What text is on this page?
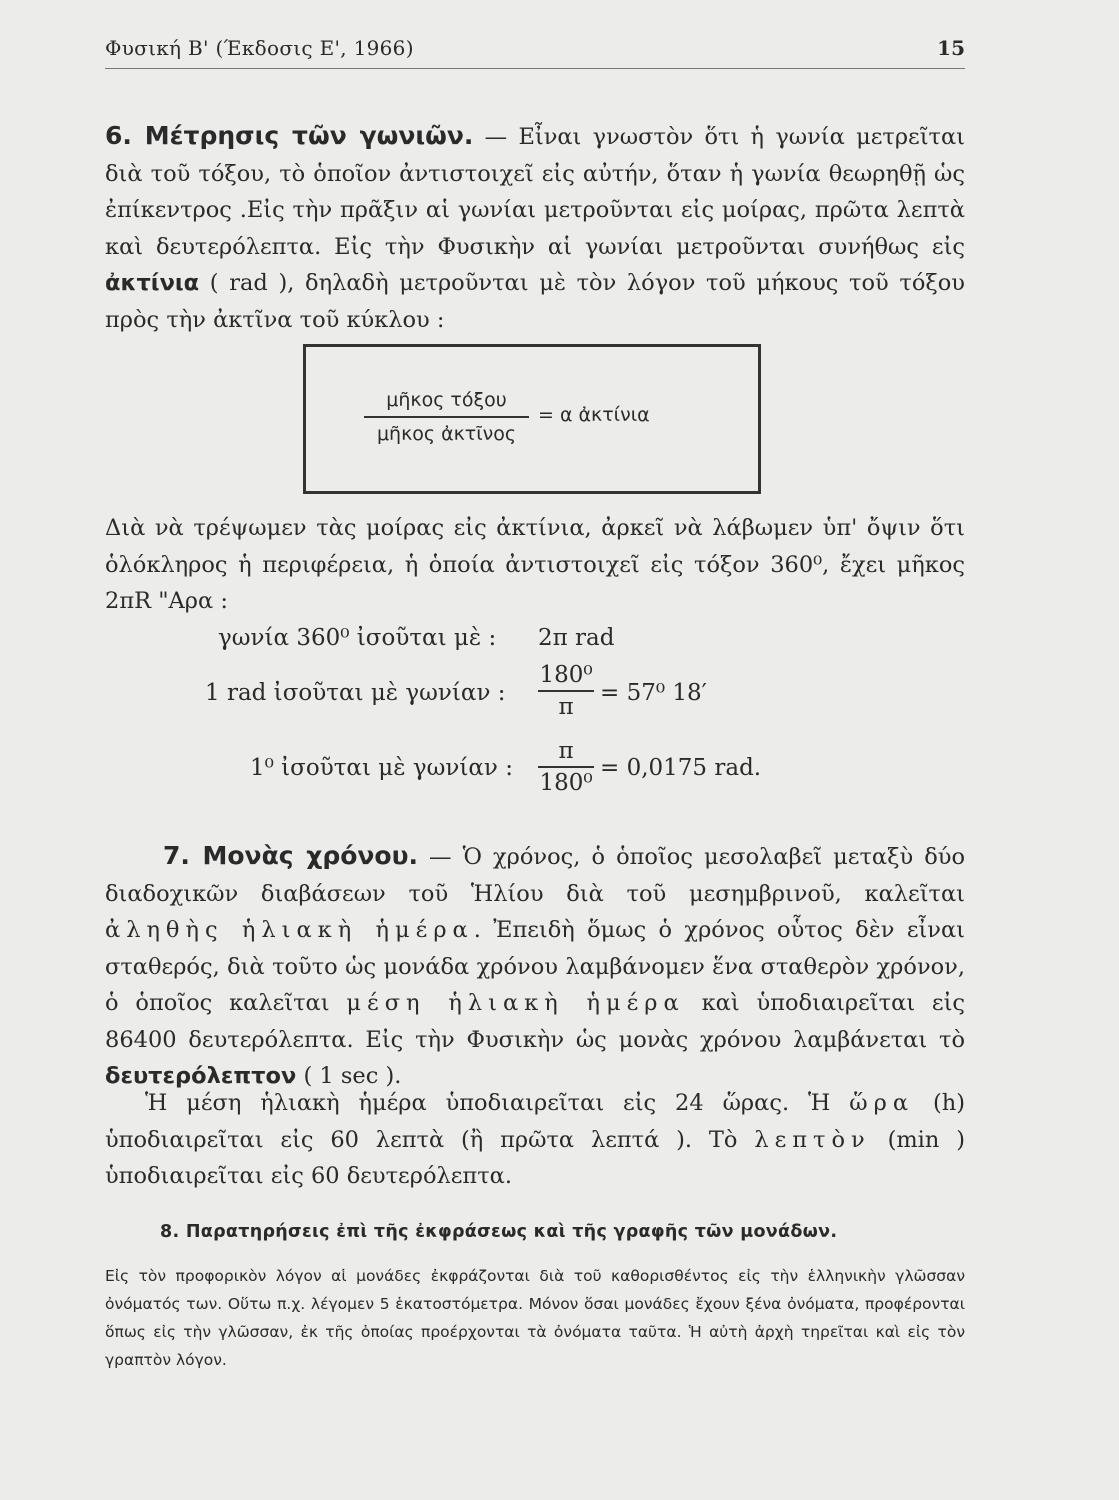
Φυσική Β' (Έκδοσις Ε', 1966)	15
6. Μέτρησις τῶν γωνιῶν. — Εἶναι γνωστὸν ὅτι ἡ γωνία μετρεῖται διὰ τοῦ τόξου, τὸ ὁποῖον ἀντιστοιχεῖ εἰς αὐτήν, ὅταν ἡ γωνία θεωρηθῇ ὡς ἐπίκεντρος .Εἰς τὴν πρᾶξιν αἱ γωνίαι μετροῦνται εἰς μοίρας, πρῶτα λεπτὰ καὶ δευτερόλεπτα. Εἰς τὴν Φυσικὴν αἱ γωνίαι μετροῦνται συνήθως εἰς ἀκτίνια ( rad ), δηλαδὴ μετροῦνται μὲ τὸν λόγον τοῦ μήκους τοῦ τόξου πρὸς τὴν ἀκτῖνα τοῦ κύκλου :
μῆκος τόξου
μῆκος ἀκτῖνος
= α ἀκτίνια
Διὰ νὰ τρέψωμεν τὰς μοίρας εἰς ἀκτίνια, ἀρκεῖ νὰ λάβωμεν ὑπ' ὄψιν ὅτι ὁλόκληρος ἡ περιφέρεια, ἡ ὁποία ἀντιστοιχεῖ εἰς τόξον 360⁰, ἔχει μῆκος 2πR "Αρα :
γωνία 360⁰ ἰσοῦται μὲ : 2π rad
1 rad ἰσοῦται μὲ γωνίαν :
180⁰
π
= 57⁰ 18′
1⁰ ἰσοῦται μὲ γωνίαν :
π
180⁰
= 0,0175 rad.
7. Μονὰς χρόνου. — Ὁ χρόνος, ὁ ὁποῖος μεσολαβεῖ μεταξὺ δύο διαδοχικῶν διαβάσεων τοῦ Ἡλίου διὰ τοῦ μεσημβρινοῦ, καλεῖται ἀληθὴς ἡλιακὴ ἡμέρα. Ἐπειδὴ ὅμως ὁ χρόνος οὗτος δὲν εἶναι σταθερός, διὰ τοῦτο ὡς μονάδα χρόνου λαμβάνομεν ἕνα σταθερὸν χρόνον, ὁ ὁποῖος καλεῖται μέση ἡλιακὴ ἡμέρα καὶ ὑποδιαιρεῖται εἰς 86400 δευτερόλεπτα. Εἰς τὴν Φυσικὴν ὡς μονὰς χρόνου λαμβάνεται τὸ δευτερόλεπτον ( 1 sec ).
Ἡ μέση ἡλιακὴ ἡμέρα ὑποδιαιρεῖται εἰς 24 ὥρας. Ἡ ὥρα (h) ὑποδιαιρεῖται εἰς 60 λεπτὰ (ἢ πρῶτα λεπτά ). Τὸ λεπτὸν (min ) ὑποδιαιρεῖται εἰς 60 δευτερόλεπτα.
8. Παρατηρήσεις ἐπὶ τῆς ἐκφράσεως καὶ τῆς γραφῆς τῶν μονάδων.
Εἰς τὸν προφορικὸν λόγον αἱ μονάδες ἐκφράζονται διὰ τοῦ καθορισθέντος εἰς τὴν ἑλληνικὴν γλῶσσαν ὀνόματός των. Οὕτω π.χ. λέγομεν 5 ἑκατοστόμετρα. Μόνον ὅσαι μονάδες ἔχουν ξένα ὀνόματα, προφέρονται ὅπως εἰς τὴν γλῶσσαν, ἐκ τῆς ὁποίας προέρχονται τὰ ὀνόματα ταῦτα. Ἡ αὐτὴ ἀρχὴ τηρεῖται καὶ εἰς τὸν γραπτὸν λόγον.
